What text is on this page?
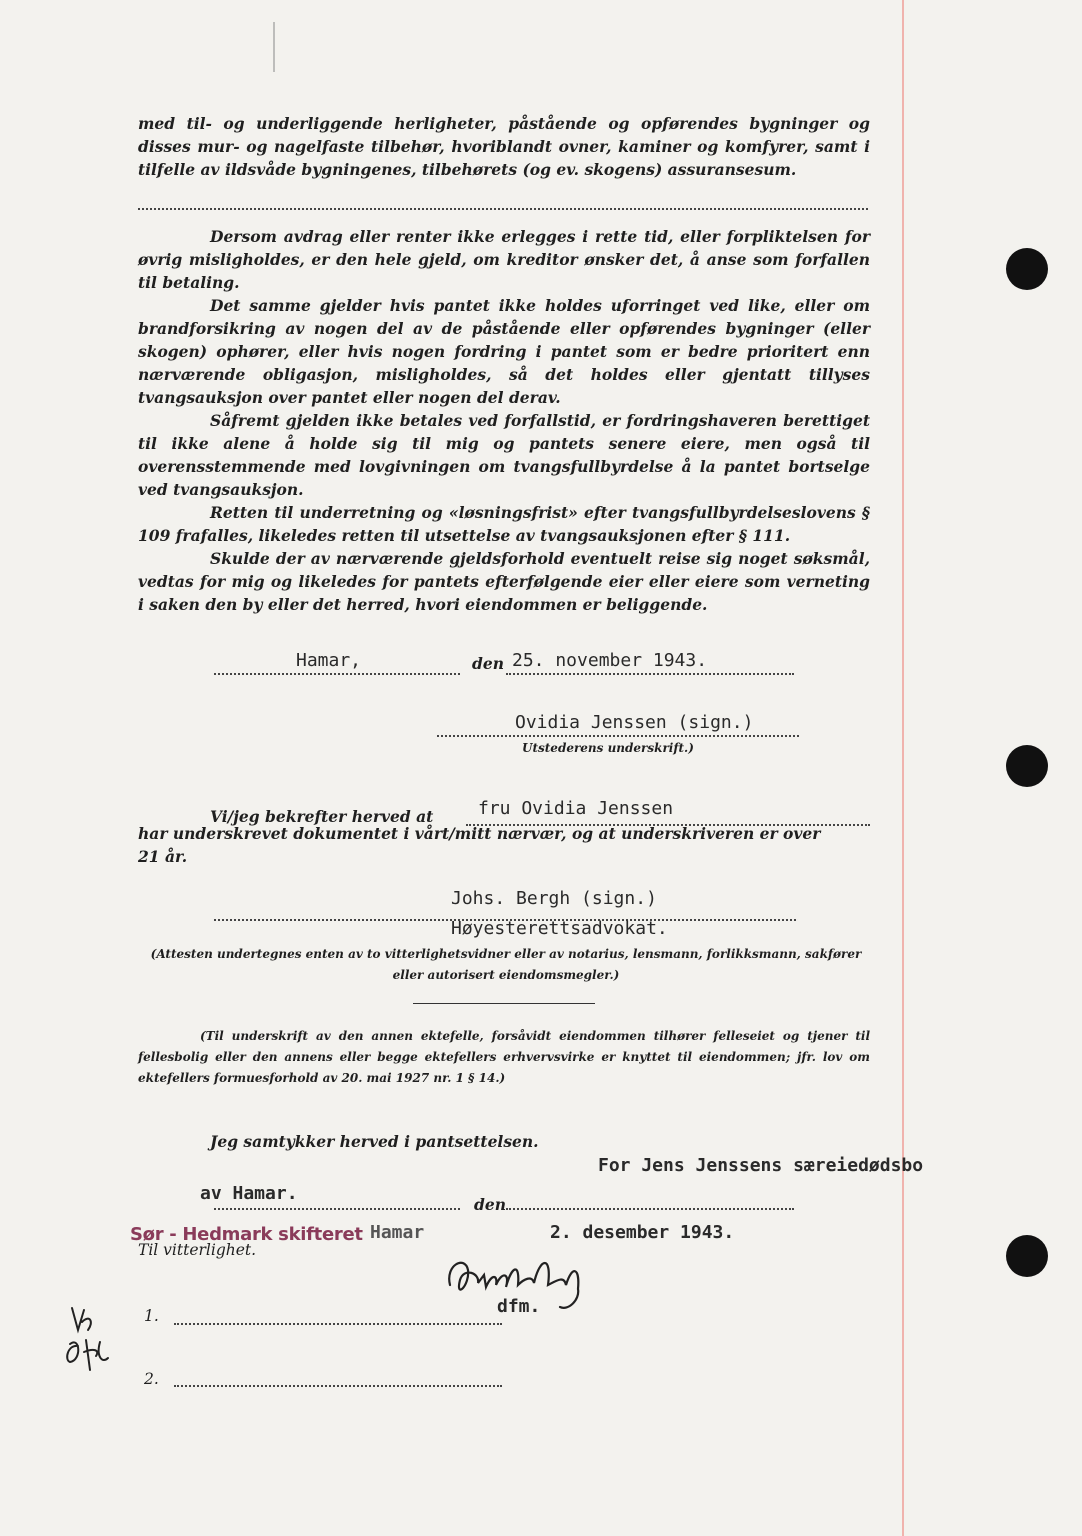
med til- og underliggende herligheter, påstående og opførendes bygninger og disses mur- og nagelfaste tilbehør, hvoriblandt ovner, kaminer og komfyrer, samt i tilfelle av ildsvåde bygningenes, tilbehørets (og ev. skogens) assuransesum.

Dersom avdrag eller renter ikke erlegges i rette tid, eller forpliktelsen for øvrig misligholdes, er den hele gjeld, om kreditor ønsker det, å anse som forfallen til betaling.

Det samme gjelder hvis pantet ikke holdes uforringet ved like, eller om brandforsikring av nogen del av de påstående eller opførendes bygninger (eller skogen) ophører, eller hvis nogen fordring i pantet som er bedre prioritert enn nærværende obligasjon, misligholdes, så det holdes eller gjentatt tillyses tvangsauksjon over pantet eller nogen del derav.

Såfremt gjelden ikke betales ved forfallstid, er fordringshaveren berettiget til ikke alene å holde sig til mig og pantets senere eiere, men også til overensstemmende med lovgivningen om tvangsfullbyrdelse å la pantet bortselge ved tvangsauksjon.

Retten til underretning og «løsningsfrist» efter tvangsfullbyrdelseslovens § 109 frafalles, likeledes retten til utsettelse av tvangsauksjonen efter § 111.

Skulde der av nærværende gjeldsforhold eventuelt reise sig noget søksmål, vedtas for mig og likeledes for pantets efterfølgende eier eller eiere som verneting i saken den by eller det herred, hvori eiendommen er beliggende.

Hamar,	den 25. november 1943.
Ovidia Jenssen (sign.)
Utstederens underskrift.)
Vi/jeg bekrefter herved at fru Ovidia Jenssen
har underskrevet dokumentet i vårt/mitt nærvær, og at underskriveren er over
21 år.
Johs. Bergh (sign.)
Høyesterettsadvokat.
(Attesten undertegnes enten av to vitterlighetsvidner eller av notarius, lensmann, forlikksmann, sakfører eller autorisert eiendomsmegler.)
(Til underskrift av den annen ektefelle, forsåvidt eiendommen tilhører felleseiet og tjener til fellesbolig eller den annens eller begge ektefellers erhvervsvirke er knyttet til eiendommen; jfr. lov om ektefellers formuesforhold av 20. mai 1927 nr. 1 § 14.)
Jeg samtykker herved i pantsettelsen.
For Jens Jenssens særeiedødsbo
av Hamar.
den
Sør - Hedmark skifteret Hamar	2. desember 1943.
Til vitterlighet.
dfm.
1.
2.
